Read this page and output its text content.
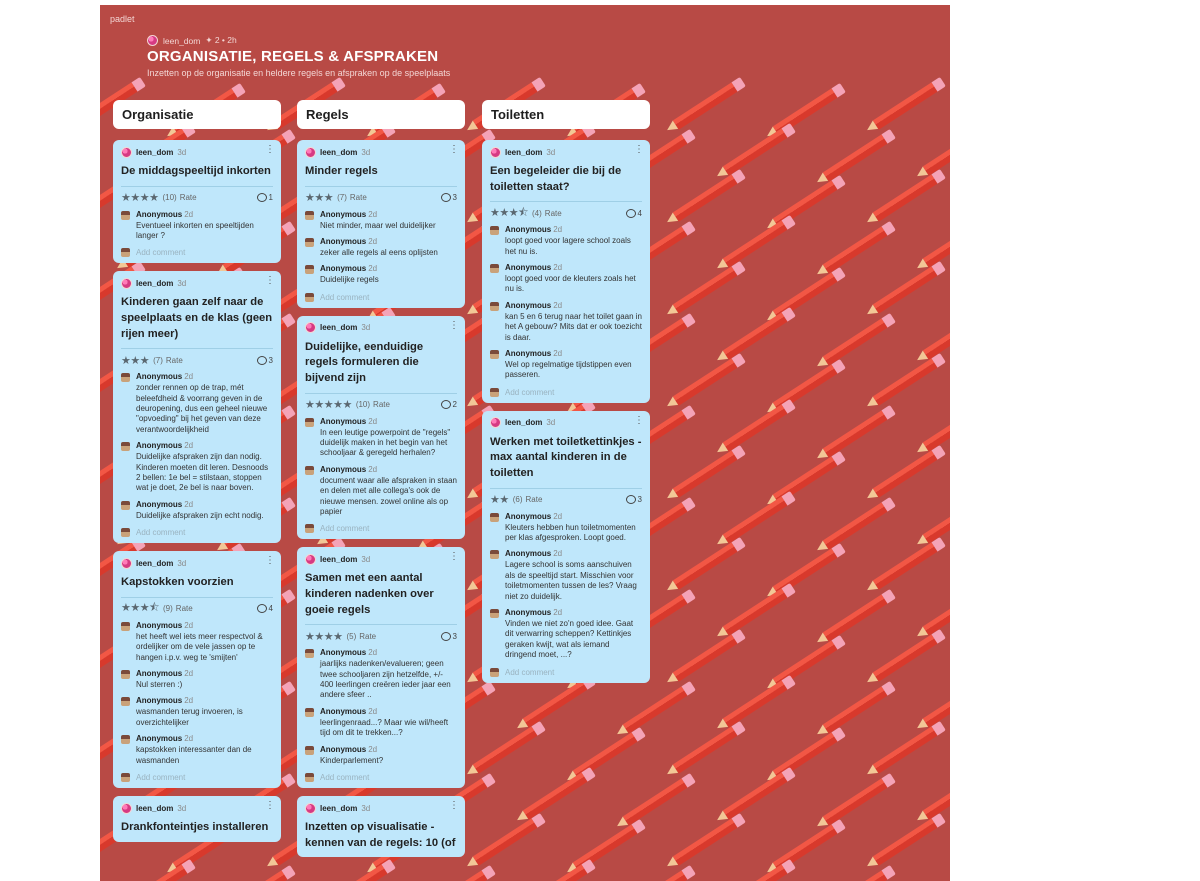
padlet
leen_dom ✦ 2 • 2h
ORGANISATIE, REGELS & AFSPRAKEN
Inzetten op de organisatie en heldere regels en afspraken op de speelplaats
Organisatie
leen_dom 3d	⋮
De middagspeeltijd inkorten
★★★★ (10) Rate	1
Anonymous 2d
Eventueel inkorten en speeltijden langer ?
Add comment
leen_dom 3d	⋮
Kinderen gaan zelf naar de speelplaats en de klas (geen rijen meer)
★★★ (7) Rate	3
Anonymous 2d
zonder rennen op de trap, mét beleefdheid & voorrang geven in de deuropening, dus een geheel nieuwe "opvoeding" bij het geven van deze verantwoordelijkheid
Anonymous 2d
Duidelijke afspraken zijn dan nodig. Kinderen moeten dit leren. Desnoods 2 bellen: 1e bel = stilstaan, stoppen wat je doet, 2e bel is naar boven.
Anonymous 2d
Duidelijke afspraken zijn echt nodig.
Add comment
leen_dom 3d	⋮
Kapstokken voorzien
★★★⯪ (9) Rate	4
Anonymous 2d
het heeft wel iets meer respectvol & ordelijker om de vele jassen op te hangen i.p.v. weg te 'smijten'
Anonymous 2d
Nul sterren :)
Anonymous 2d
wasmanden terug invoeren, is overzichtelijker
Anonymous 2d
kapstokken interessanter dan de wasmanden
Add comment
leen_dom 3d	⋮
Drankfonteintjes installeren
Regels
leen_dom 3d	⋮
Minder regels
★★★ (7) Rate	3
Anonymous 2d
Niet minder, maar wel duidelijker
Anonymous 2d
zeker alle regels al eens oplijsten
Anonymous 2d
Duidelijke regels
Add comment
leen_dom 3d	⋮
Duidelijke, eenduidige regels formuleren die bijvend zijn
★★★★★ (10) Rate	2
Anonymous 2d
In een leutige powerpoint de "regels" duidelijk maken in het begin van het schooljaar & geregeld herhalen?
Anonymous 2d
document waar alle afspraken in staan en delen met alle collega's ook de nieuwe mensen. zowel online als op papier
Add comment
leen_dom 3d	⋮
Samen met een aantal kinderen nadenken over goeie regels
★★★★ (5) Rate	3
Anonymous 2d
jaarlijks nadenken/evalueren; geen twee schooljaren zijn hetzelfde, +/- 400 leerlingen creëren ieder jaar een andere sfeer ..
Anonymous 2d
leerlingenraad...? Maar wie wil/heeft tijd om dit te trekken...?
Anonymous 2d
Kinderparlement?
Add comment
leen_dom 3d	⋮
Inzetten op visualisatie - kennen van de regels: 10 (of
Toiletten
leen_dom 3d	⋮
Een begeleider die bij de toiletten staat?
★★★⯪ (4) Rate	4
Anonymous 2d
loopt goed voor lagere school zoals het nu is.
Anonymous 2d
loopt goed voor de kleuters zoals het nu is.
Anonymous 2d
kan 5 en 6 terug naar het toilet gaan in het A gebouw? Mits dat er ook toezicht is daar.
Anonymous 2d
Wel op regelmatige tijdstippen even passeren.
Add comment
leen_dom 3d	⋮
Werken met toiletkettinkjes - max aantal kinderen in de toiletten
★★ (6) Rate	3
Anonymous 2d
Kleuters hebben hun toiletmomenten per klas afgesproken. Loopt goed.
Anonymous 2d
Lagere school is soms aanschuiven als de speeltijd start. Misschien voor toiletmomenten tussen de les? Vraag niet zo duidelijk.
Anonymous 2d
Vinden we niet zo'n goed idee. Gaat dit verwarring scheppen? Kettinkjes geraken kwijt, wat als iemand dringend moet, ...?
Add comment
